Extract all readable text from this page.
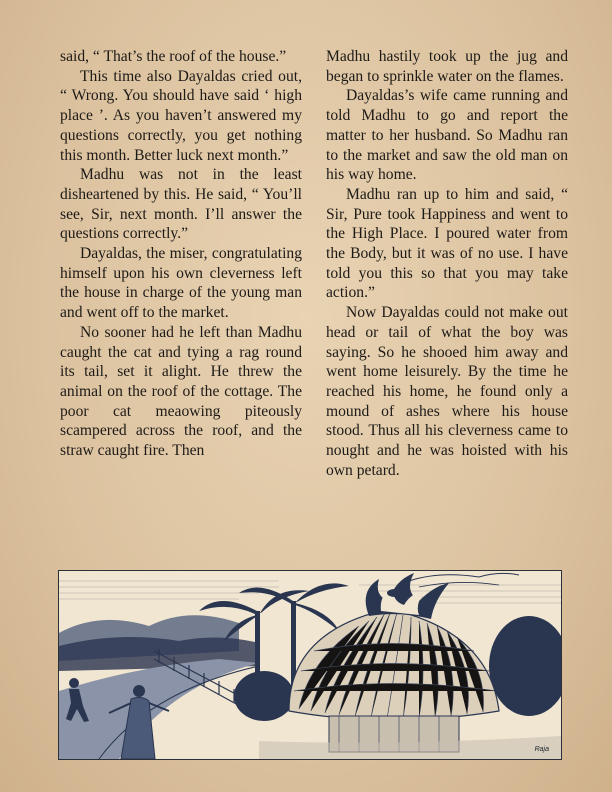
said, “ That’s the roof of the house.”

This time also Dayaldas cried out, “ Wrong. You should have said ‘ high place ’. As you haven’t answered my questions correctly, you get nothing this month. Better luck next month.”

Madhu was not in the least disheartened by this. He said, “ You’ll see, Sir, next month. I’ll answer the questions correctly.”

Dayaldas, the miser, congratulating himself upon his own cleverness left the house in charge of the young man and went off to the market.

No sooner had he left than Madhu caught the cat and tying a rag round its tail, set it alight. He threw the animal on the roof of the cottage. The poor cat meaowing piteously scampered across the roof, and the straw caught fire. Then

Madhu hastily took up the jug and began to sprinkle water on the flames.

Dayaldas’s wife came running and told Madhu to go and report the matter to her husband. So Madhu ran to the market and saw the old man on his way home.

Madhu ran up to him and said, “ Sir, Pure took Happiness and went to the High Place. I poured water from the Body, but it was of no use. I have told you this so that you may take action.”

Now Dayaldas could not make out head or tail of what the boy was saying. So he shooed him away and went home leisurely. By the time he reached his home, he found only a mound of ashes where his house stood. Thus all his cleverness came to nought and he was hoisted with his own petard.

Raja
